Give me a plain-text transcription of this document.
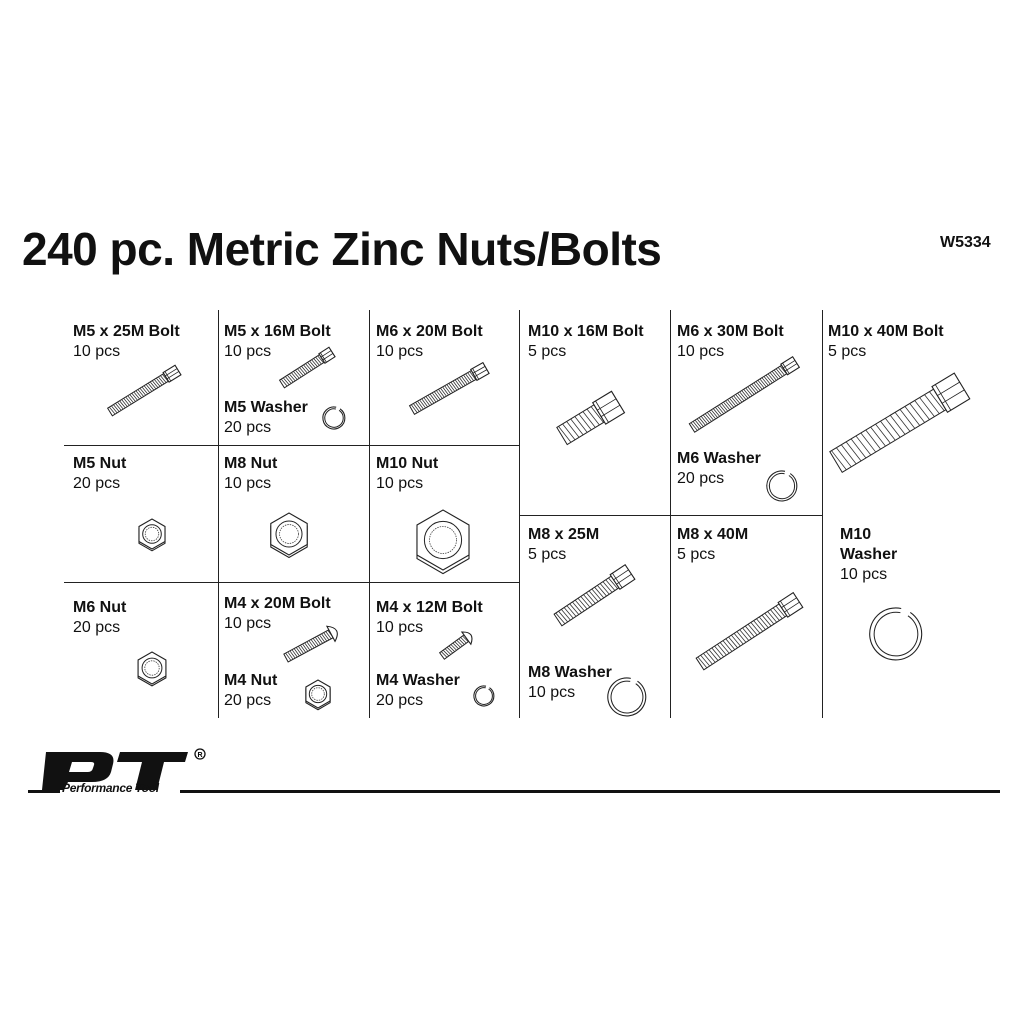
240 pc. Metric Zinc Nuts/Bolts	W5334
M5 x 25M Bolt
10 pcs
M5 x 16M Bolt
10 pcs
M5 Washer
20 pcs
M6 x 20M Bolt
10 pcs
M10 x 16M Bolt
5 pcs
M6 x 30M Bolt
10 pcs
M6 Washer
20 pcs
M10 x 40M Bolt
5 pcs
M5 Nut
20 pcs
M8 Nut
10 pcs
M10 Nut
10 pcs
M8 x 25M
5 pcs
M8 x 40M
5 pcs
M10 Washer
10 pcs
M6 Nut
20 pcs
M4 x 20M Bolt
10 pcs
M4 Nut
20 pcs
M4 x 12M Bolt
10 pcs
M4 Washer
20 pcs
M8 Washer
10 pcs
R
Performance Tool
